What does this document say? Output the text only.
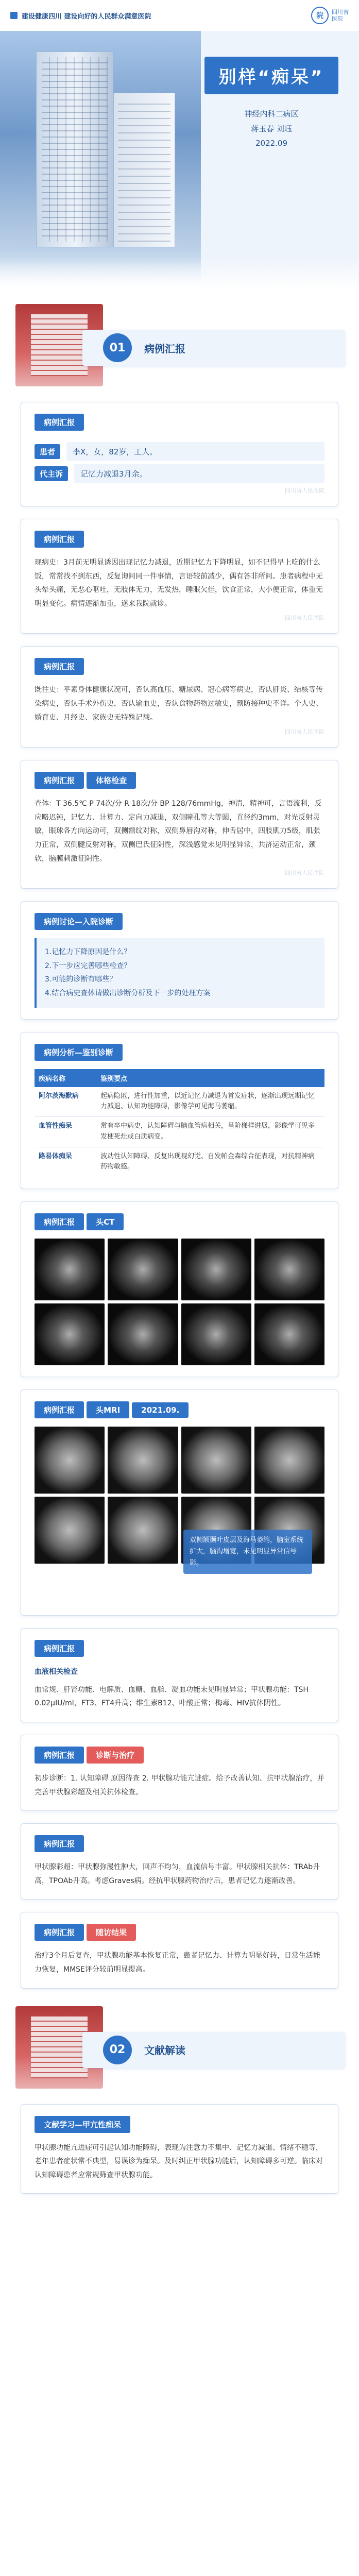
建设健康四川 建设向好的人民群众满意医院	院 四川省
医院
别样“痴呆”
神经内科二病区
蒋玉春 刘珏
2022.09
01	病例汇报
病例汇报
患者	李X，女，82岁，工人。
代主诉	记忆力减退3月余。
四川省人民医院
病例汇报

现病史：3月前无明显诱因出现记忆力减退，近期记忆力下降明显，如不记得早上吃的什么饭，常常找不到东西，反复询问同一件事情，言语较前减少，偶有答非所问。患者病程中无头晕头痛，无恶心呕吐，无肢体无力，无发热，睡眠欠佳，饮食正常，大小便正常，体重无明显变化。病情逐渐加重，遂来我院就诊。

四川省人民医院
病例汇报

既往史：平素身体健康状况可，否认高血压、糖尿病、冠心病等病史，否认肝炎、结核等传染病史，否认手术外伤史，否认输血史，否认食物药物过敏史，预防接种史不详。个人史、婚育史、月经史、家族史无特殊记载。

四川省人民医院
病例汇报	体格检查

查体：T 36.5℃ P 74次/分 R 18次/分 BP 128/76mmHg，神清，精神可，言语流利，反应略迟钝，记忆力、计算力、定向力减退，双侧瞳孔等大等圆，直径约3mm，对光反射灵敏，眼球各方向运动可，双侧额纹对称，双侧鼻唇沟对称，伸舌居中，四肢肌力5级，肌张力正常，双侧腱反射对称，双侧巴氏征阴性，深浅感觉未见明显异常，共济运动正常，颈软，脑膜刺激征阴性。

四川省人民医院
病例讨论—入院诊断
1.记忆力下降原因是什么？
2.下一步应完善哪些检查？
3.可能的诊断有哪些？
4.结合病史查体请做出诊断分析及下一步的处理方案
病例分析—鉴别诊断
疾病名称	鉴别要点
阿尔茨海默病	起病隐匿，进行性加重，以近记忆力减退为首发症状，逐渐出现远期记忆力减退、认知功能障碍，影像学可见海马萎缩。
血管性痴呆	常有卒中病史，认知障碍与脑血管病相关，呈阶梯样进展，影像学可见多发梗死灶或白质病变。
路易体痴呆	波动性认知障碍、反复出现视幻觉、自发帕金森综合征表现，对抗精神病药物敏感。
病例汇报	头CT
病例汇报	头MRI	2021.09.
双侧额颞叶皮层及海马萎缩，脑室系统扩大，脑沟增宽，未见明显异常信号影。
病例汇报

血液相关检查

血常规、肝肾功能、电解质、血糖、血脂、凝血功能未见明显异常；甲状腺功能：TSH 0.02μIU/ml，FT3、FT4升高；维生素B12、叶酸正常；梅毒、HIV抗体阴性。

病例汇报	诊断与治疗

初步诊断：1. 认知障碍 原因待查 2. 甲状腺功能亢进症。给予改善认知、抗甲状腺治疗，并完善甲状腺彩超及相关抗体检查。

病例汇报

甲状腺彩超：甲状腺弥漫性肿大，回声不均匀，血流信号丰富。甲状腺相关抗体：TRAb升高，TPOAb升高。考虑Graves病。经抗甲状腺药物治疗后，患者记忆力逐渐改善。

病例汇报	随访结果

治疗3个月后复查，甲状腺功能基本恢复正常，患者记忆力、计算力明显好转，日常生活能力恢复，MMSE评分较前明显提高。

02	文献解读
文献学习—甲亢性痴呆

甲状腺功能亢进症可引起认知功能障碍，表现为注意力不集中、记忆力减退、情绪不稳等，老年患者症状常不典型，易误诊为痴呆。及时纠正甲状腺功能后，认知障碍多可逆。临床对认知障碍患者应常规筛查甲状腺功能。
